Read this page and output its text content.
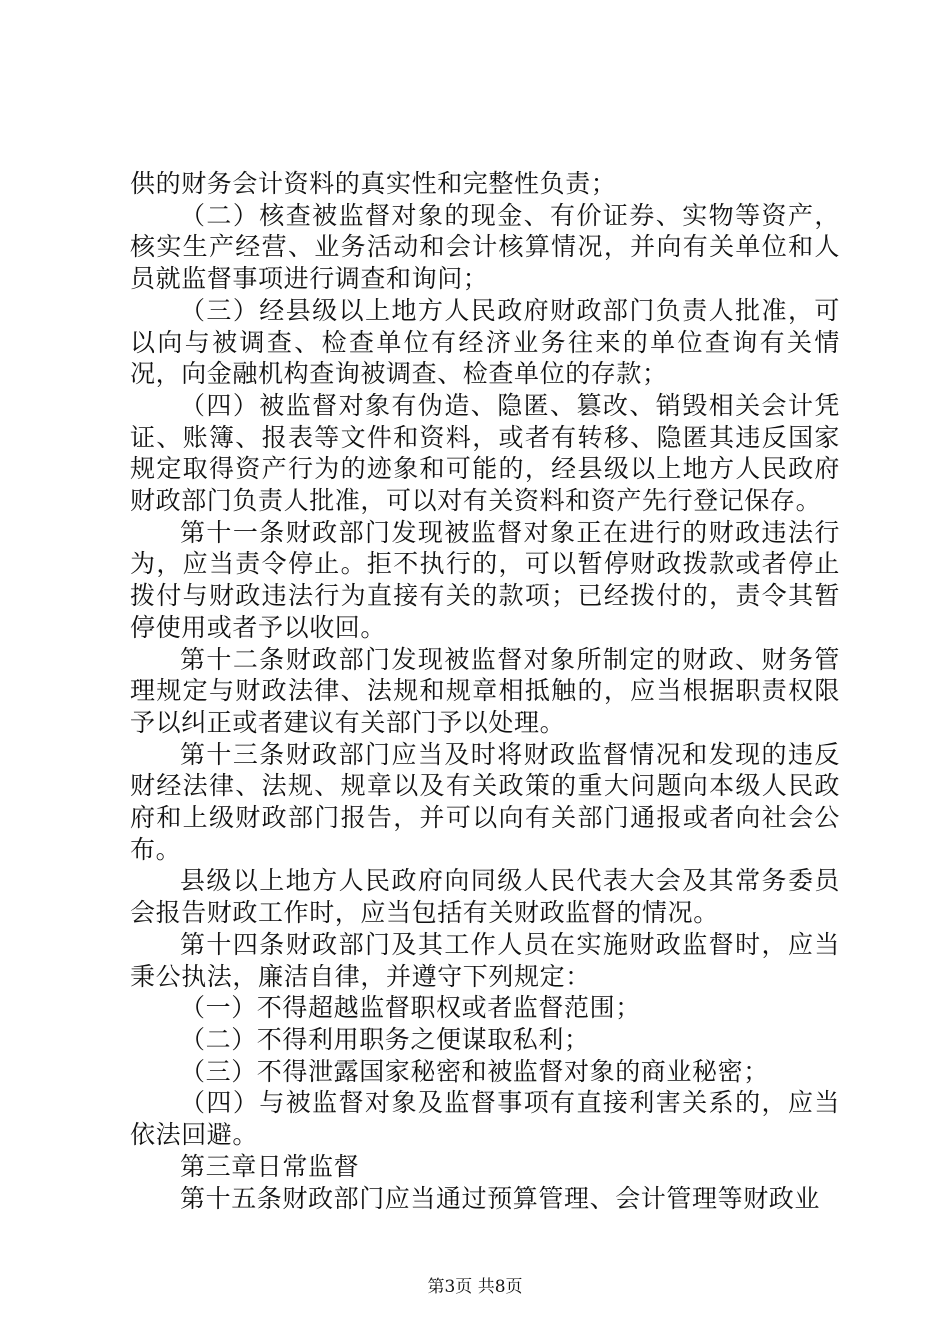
供的财务会计资料的真实性和完整性负责；

（二）核查被监督对象的现金、有价证券、实物等资产，核实生产经营、业务活动和会计核算情况，并向有关单位和人员就监督事项进行调查和询问；

（三）经县级以上地方人民政府财政部门负责人批准，可以向与被调查、检查单位有经济业务往来的单位查询有关情况，向金融机构查询被调查、检查单位的存款；

（四）被监督对象有伪造、隐匿、篡改、销毁相关会计凭证、账簿、报表等文件和资料，或者有转移、隐匿其违反国家规定取得资产行为的迹象和可能的，经县级以上地方人民政府财政部门负责人批准，可以对有关资料和资产先行登记保存。

第十一条财政部门发现被监督对象正在进行的财政违法行为，应当责令停止。拒不执行的，可以暂停财政拨款或者停止拨付与财政违法行为直接有关的款项；已经拨付的，责令其暂停使用或者予以收回。

第十二条财政部门发现被监督对象所制定的财政、财务管理规定与财政法律、法规和规章相抵触的，应当根据职责权限予以纠正或者建议有关部门予以处理。

第十三条财政部门应当及时将财政监督情况和发现的违反财经法律、法规、规章以及有关政策的重大问题向本级人民政府和上级财政部门报告，并可以向有关部门通报或者向社会公布。

县级以上地方人民政府向同级人民代表大会及其常务委员会报告财政工作时，应当包括有关财政监督的情况。

第十四条财政部门及其工作人员在实施财政监督时，应当秉公执法，廉洁自律，并遵守下列规定：

（一）不得超越监督职权或者监督范围；

（二）不得利用职务之便谋取私利；

（三）不得泄露国家秘密和被监督对象的商业秘密；

（四）与被监督对象及监督事项有直接利害关系的，应当依法回避。

第三章日常监督

第十五条财政部门应当通过预算管理、会计管理等财政业

第3页 共8页
